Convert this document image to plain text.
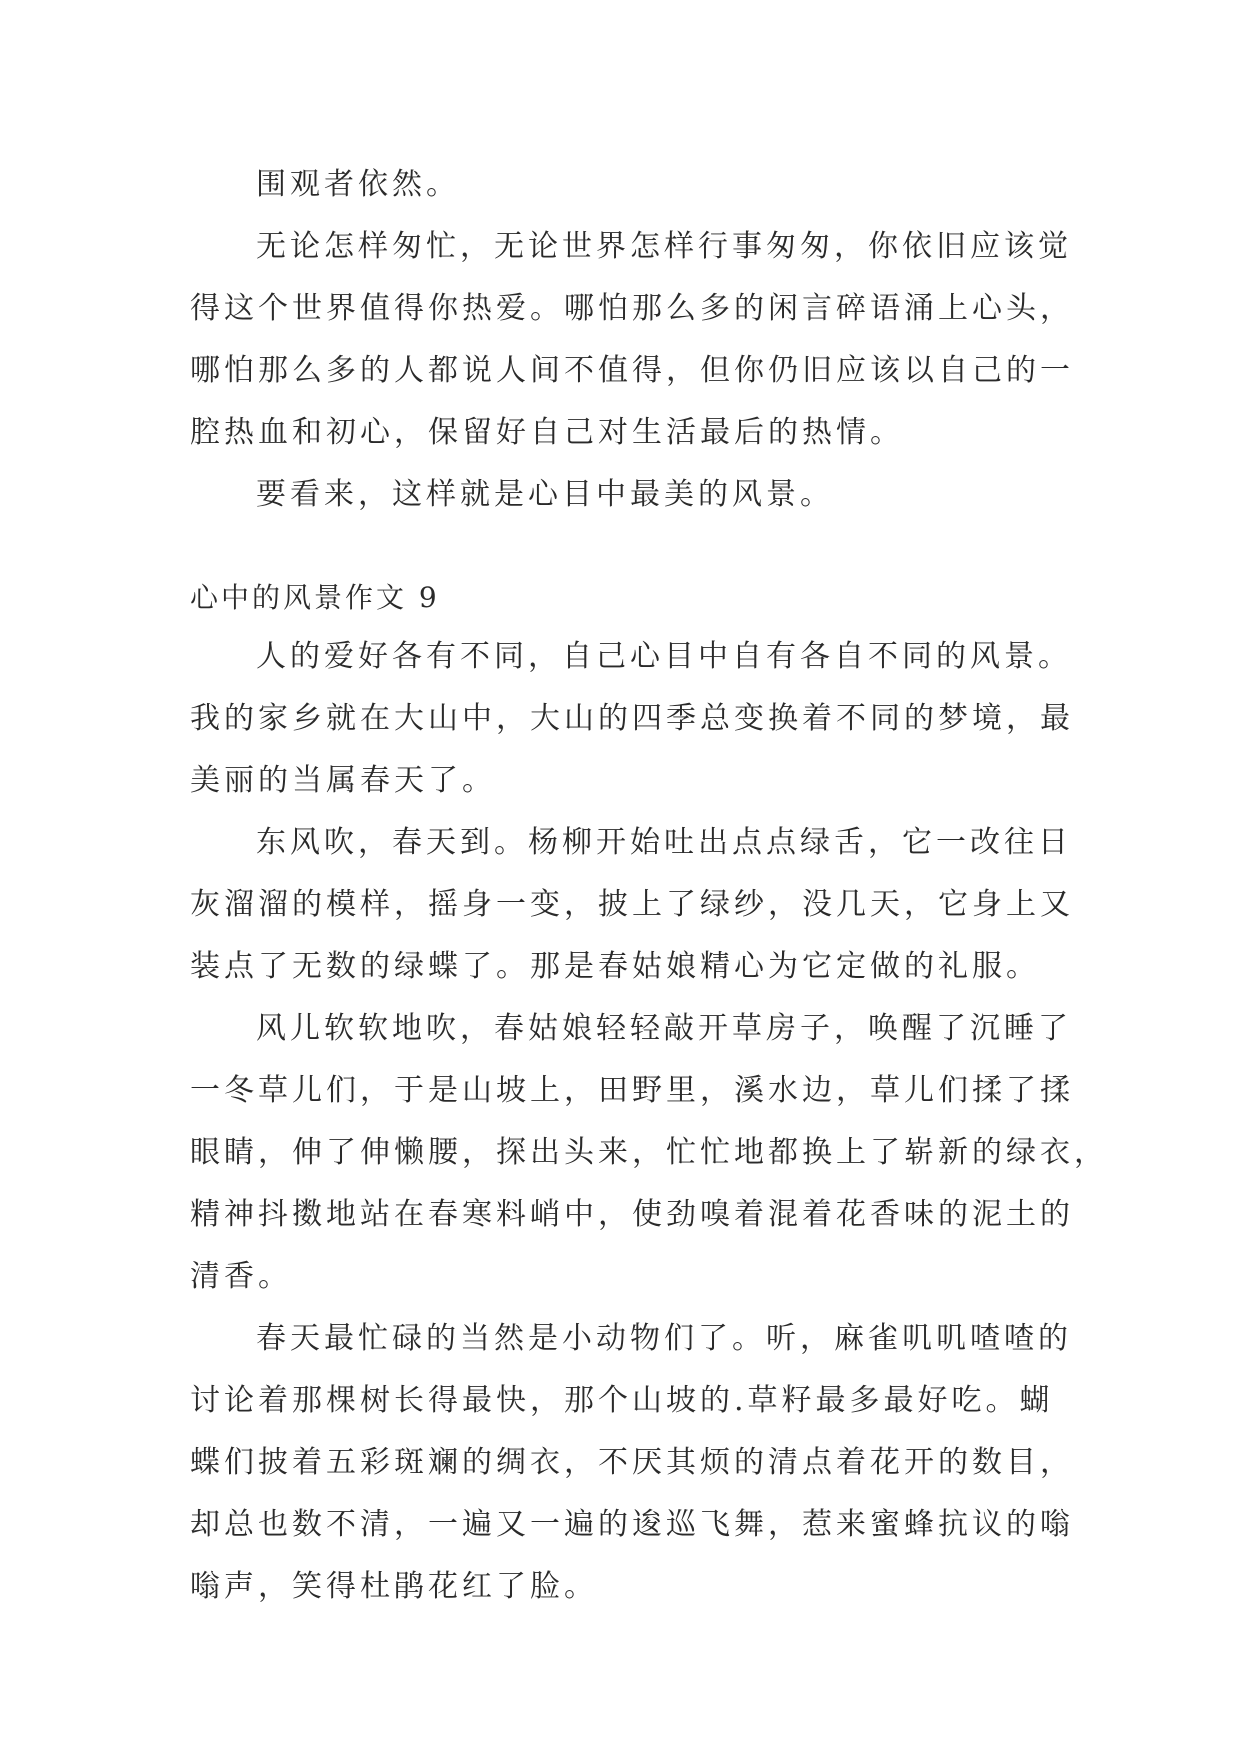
围观者依然。
无论怎样匆忙，无论世界怎样行事匆匆，你依旧应该觉
得这个世界值得你热爱。哪怕那么多的闲言碎语涌上心头，
哪怕那么多的人都说人间不值得，但你仍旧应该以自己的一
腔热血和初心，保留好自己对生活最后的热情。
要看来，这样就是心目中最美的风景。
心中的风景作文 9
人的爱好各有不同，自己心目中自有各自不同的风景。
我的家乡就在大山中，大山的四季总变换着不同的梦境，最
美丽的当属春天了。
东风吹，春天到。杨柳开始吐出点点绿舌，它一改往日
灰溜溜的模样，摇身一变，披上了绿纱，没几天，它身上又
装点了无数的绿蝶了。那是春姑娘精心为它定做的礼服。
风儿软软地吹，春姑娘轻轻敲开草房子，唤醒了沉睡了
一冬草儿们，于是山坡上，田野里，溪水边，草儿们揉了揉
眼睛，伸了伸懒腰，探出头来，忙忙地都换上了崭新的绿衣，
精神抖擞地站在春寒料峭中，使劲嗅着混着花香味的泥土的
清香。
春天最忙碌的当然是小动物们了。听，麻雀叽叽喳喳的
讨论着那棵树长得最快，那个山坡的.草籽最多最好吃。蝴
蝶们披着五彩斑斓的绸衣，不厌其烦的清点着花开的数目，
却总也数不清，一遍又一遍的逡巡飞舞，惹来蜜蜂抗议的嗡
嗡声，笑得杜鹃花红了脸。
